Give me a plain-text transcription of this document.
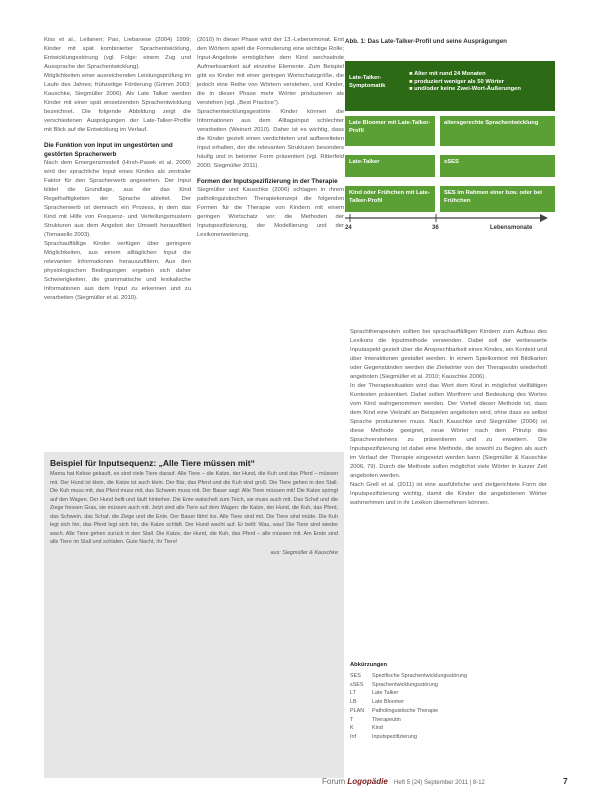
Kiss et al., Leilanen; Pao, Liebanese (2004) 1999; Kinder mit spät kombinierter Sprachentwicklung, Entwicklungsstörung (vgl. Folge: einem Zug und Aussprache der Sprachentwicklung).

Möglichkeiten einer ausreichenden Leistungsprüfung im Laufe des Jahres; frühzeitige Förderung (Grimm 2003; Kauschke, Siegmüller 2006). Als Late Talker werden Kinder mit einer spät einsetzenden Sprachentwicklung bezeichnet. Die folgende Abbildung zeigt die verschiedenen Ausprägungen der Late-Talker-Profile mit Blick auf die Entwicklung im Verlauf.

Die Funktion von Input im ungestörten und gestörten Spracherwerb

Nach dem Emergenzmodell (Hirsh-Pasek et al. 2000) wird der sprachliche Input eines Kindes als zentraler Faktor für den Spracherwerb angesehen. Der Input bildet die Grundlage, aus der das Kind Regelhaftigkeiten der Sprache ableitet. Der Spracherwerb ist demnach ein Prozess, in dem das Kind mit Hilfe von Frequenz- und Verteilungsmustern Strukturen aus dem Angebot der Umwelt herausfiltert (Tomasello 2003).

Sprachauffällige Kinder verfügen über geringere Möglichkeiten, aus einem alltäglichen Input die relevanten Informationen herauszufiltern. Aus den physiologischen Bedingungen ergeben sich daher Schwierigkeiten, die grammatische und lexikalische Informationen aus dem Input zu erkennen und zu verarbeiten (Siegmüller et al. 2010).

(2010) In dieser Phase wird der 13.-Lebensmonat. Erst den Wörtern spielt die Formulierung eine wichtige Rolle; Input-Angebote ermöglichen dem Kind wechselnde Aufmerksamkeit auf einzelne Elemente. Zum Beispiel gibt es Kinder mit einer geringen Wortschatzgröße, die jedoch eine Reihe von Wörtern verstehen, und Kinder, die in dieser Phase mehr Wörter produzieren als verstehen (vgl. „Best Practice“).

Sprachentwicklungsgestörte Kinder können die Informationen aus dem Alltagsinput schlechter verarbeiten (Weinert 2010). Daher ist es wichtig, dass die Kinder gezielt einen verdichteten und aufbereiteten Input erhalten, der die relevanten Strukturen besonders häufig und in betonter Form präsentiert (vgl. Ritterfeld 2000; Siegmüller 2011).

Formen der Inputspezifizierung in der Therapie

Siegmüller und Kauschke (2006) schlagen in ihrem patholinguistischen Therapiekonzept die folgenden Formen für die Therapie von Kindern mit einem geringen Wortschatz vor: die Methoden der Inputspezifizierung, der Modellierung und der Lexikonerweiterung.

Abb. 1: Das Late-Talker-Profil und seine Ausprägungen
Late-Talker-Symptomatik
■ Alter mit rund 24 Monaten
■ produziert weniger als 50 Wörter
■ und/oder keine Zwei-Wort-Äußerungen
Late Bloomer mit Late-Talker-Profil
altersgerechte Sprachentwicklung
Late-Talker	sSES
Kind oder Frühchen mit Late-Talker-Profil
SES im Rahmen einer bzw. oder bei Frühchen
24	36	Lebensmonate

Sprachtherapeuten sollten bei sprachauffälligen Kindern zum Aufbau des Lexikons die Inputmethode verwenden. Dabei soll der verbesserte Inputaspekt gezielt über die Ansprechbarkeit eines Kindes, ein Kontext und über Interaktionen gestaltet werden. In einem Spielkontext mit Bildkarten oder Gegenständen werden die Zielwörter von der Therapeutin wiederholt angeboten (Siegmüller et al. 2010; Kauschke 2006).

In der Therapiesituation wird das Wort dem Kind in möglichst vielfältigen Kontexten präsentiert. Dabei sollen Wortform und Bedeutung des Wortes vom Kind wahrgenommen werden. Der Vorteil dieser Methode ist, dass dem Kind eine Vielzahl an Beispielen angeboten wird, ohne dass es selbst Sprache produzieren muss. Nach Kauschke und Siegmüller (2006) ist diese Methode geeignet, neue Wörter nach dem Prinzip des Sprachverstehens zu präsentieren und zu erweitern. Die Inputspezifizierung ist dabei eine Methode, die sowohl zu Beginn als auch im Verlauf der Therapie eingesetzt werden kann (Siegmüller & Kauschke 2006, 79). Durch die Methode sollen möglichst viele Wörter in kurzer Zeit angeboten werden.

Nach Grell et al. (2011) ist eine ausführliche und zielgerichtete Form der Inputspezifizierung wichtig, damit die Kinder die angebotenen Wörter wahrnehmen und in ihr Lexikon übernehmen können.

Beispiel für Inputsequenz: „Alle Tiere müssen mit“

Mama hat Kekse gekauft, es sind viele Tiere darauf. Alle Tiere – die Katze, der Hund, die Kuh und das Pferd – müssen mit. Der Hund ist klein, die Katze ist auch klein. Der Bär, das Pferd und die Kuh sind groß. Die Tiere gehen in den Stall. Die Kuh muss mit, das Pferd muss mit, das Schwein muss mit. Der Bauer sagt: Alle Tiere müssen mit! Die Katze springt auf den Wagen. Der Hund bellt und läuft hinterher. Die Ente watschelt zum Teich, sie muss auch mit. Das Schaf und die Ziege fressen Gras, sie müssen auch mit. Jetzt sind alle Tiere auf dem Wagen: die Katze, der Hund, die Kuh, das Pferd, das Schwein, das Schaf, die Ziege und die Ente. Der Bauer fährt los. Alle Tiere sind mit. Die Tiere sind müde. Die Kuh legt sich hin, das Pferd legt sich hin, die Katze schläft. Der Hund wacht auf. Er bellt: Wau, wau! Die Tiere sind wieder wach. Alle Tiere gehen zurück in den Stall. Die Katze, der Hund, die Kuh, das Pferd – alle müssen mit. Am Ende sind alle Tiere im Stall und schlafen. Gute Nacht, ihr Tiere!

aus: Siegmüller & Kauschke

Abkürzungen
SES	Spezifische Sprachentwicklungsstörung
sSES	Sprachentwicklungsstörung
LT	Late Talker
LB	Late Bloomer
PLAN	Patholinguistische Therapie
T	Therapeutin
K	Kind
Inf	Inputspezifizierung
Forum Logopädie Heft 5 (24) September 2011 | 8-12	7
